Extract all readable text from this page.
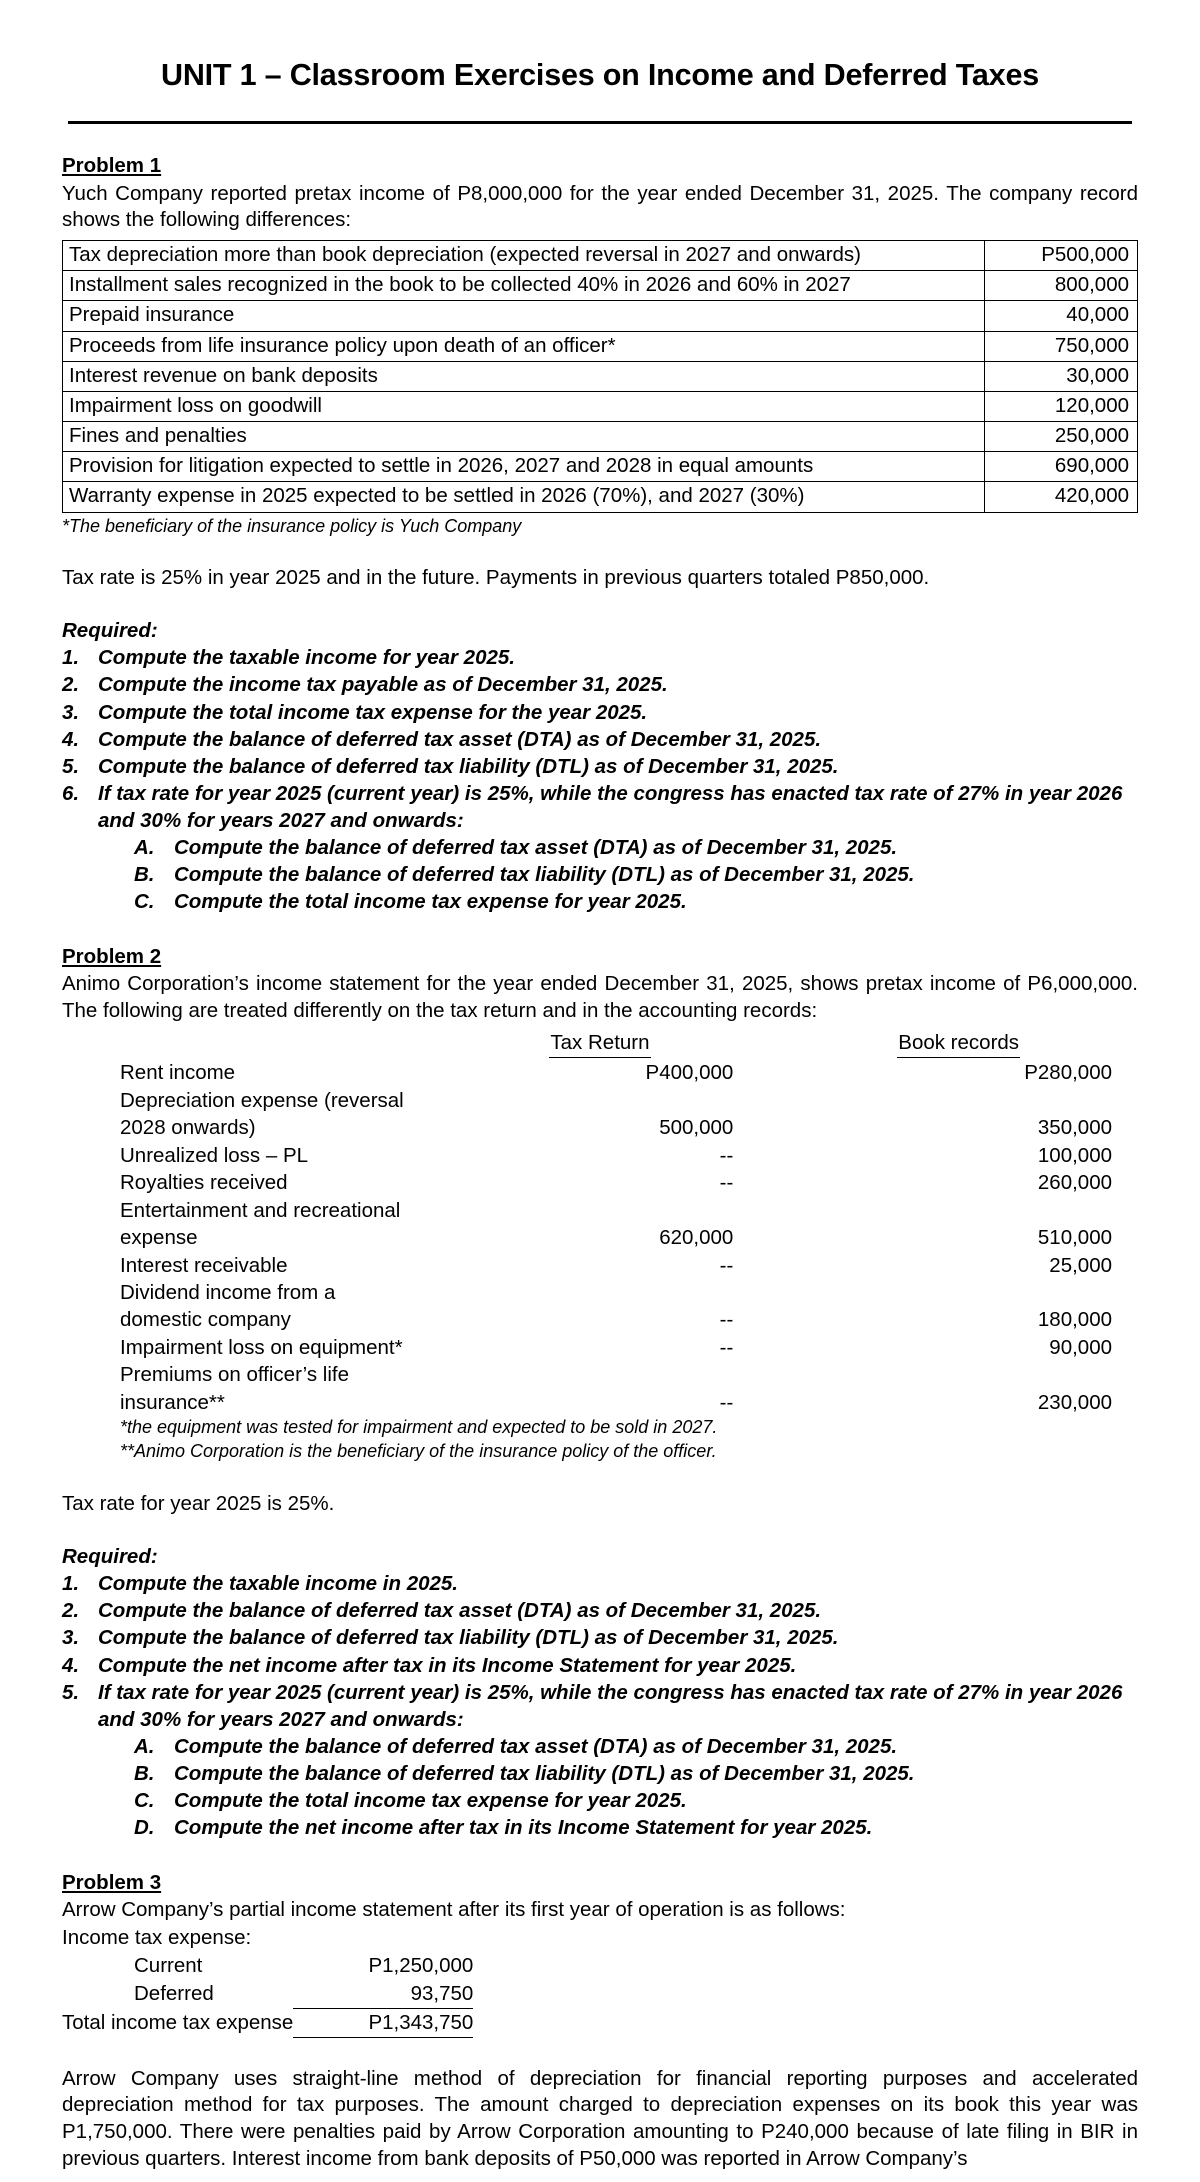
UNIT 1 – Classroom Exercises on Income and Deferred Taxes
Problem 1

Yuch Company reported pretax income of P8,000,000 for the year ended December 31, 2025. The company record shows the following differences:

Tax depreciation more than book depreciation (expected reversal in 2027 and onwards)	P500,000
Installment sales recognized in the book to be collected 40% in 2026 and 60% in 2027	800,000
Prepaid insurance	40,000
Proceeds from life insurance policy upon death of an officer*	750,000
Interest revenue on bank deposits	30,000
Impairment loss on goodwill	120,000
Fines and penalties	250,000
Provision for litigation expected to settle in 2026, 2027 and 2028 in equal amounts	690,000
Warranty expense in 2025 expected to be settled in 2026 (70%), and 2027 (30%)	420,000
*The beneficiary of the insurance policy is Yuch Company

Tax rate is 25% in year 2025 and in the future. Payments in previous quarters totaled P850,000.

Required:
1. Compute the taxable income for year 2025.
2. Compute the income tax payable as of December 31, 2025.
3. Compute the total income tax expense for the year 2025.
4. Compute the balance of deferred tax asset (DTA) as of December 31, 2025.
5. Compute the balance of deferred tax liability (DTL) as of December 31, 2025.
6. If tax rate for year 2025 (current year) is 25%, while the congress has enacted tax rate of 27% in year 2026 and 30% for years 2027 and onwards:
A. Compute the balance of deferred tax asset (DTA) as of December 31, 2025.
B. Compute the balance of deferred tax liability (DTL) as of December 31, 2025.
C. Compute the total income tax expense for year 2025.
Problem 2

Animo Corporation’s income statement for the year ended December 31, 2025, shows pretax income of P6,000,000. The following are treated differently on the tax return and in the accounting records:

	Tax Return	Book records
Rent income	P400,000	P280,000
Depreciation expense (reversal 2028 onwards)	500,000	350,000
Unrealized loss – PL	--	100,000
Royalties received	--	260,000
Entertainment and recreational expense	620,000	510,000
Interest receivable	--	25,000
Dividend income from a domestic company	--	180,000
Impairment loss on equipment*	--	90,000
Premiums on officer’s life insurance**	--	230,000
*the equipment was tested for impairment and expected to be sold in 2027.
**Animo Corporation is the beneficiary of the insurance policy of the officer.

Tax rate for year 2025 is 25%.

Required:
1. Compute the taxable income in 2025.
2. Compute the balance of deferred tax asset (DTA) as of December 31, 2025.
3. Compute the balance of deferred tax liability (DTL) as of December 31, 2025.
4. Compute the net income after tax in its Income Statement for year 2025.
5. If tax rate for year 2025 (current year) is 25%, while the congress has enacted tax rate of 27% in year 2026 and 30% for years 2027 and onwards:
A. Compute the balance of deferred tax asset (DTA) as of December 31, 2025.
B. Compute the balance of deferred tax liability (DTL) as of December 31, 2025.
C. Compute the total income tax expense for year 2025.
D. Compute the net income after tax in its Income Statement for year 2025.
Problem 3

Arrow Company’s partial income statement after its first year of operation is as follows:

Income tax expense:	
Current	P1,250,000
Deferred	93,750
Total income tax expense	P1,343,750

Arrow Company uses straight-line method of depreciation for financial reporting purposes and accelerated depreciation method for tax purposes. The amount charged to depreciation expenses on its book this year was P1,750,000. There were penalties paid by Arrow Corporation amounting to P240,000 because of late filing in BIR in previous quarters. Interest income from bank deposits of P50,000 was reported in Arrow Company’s
